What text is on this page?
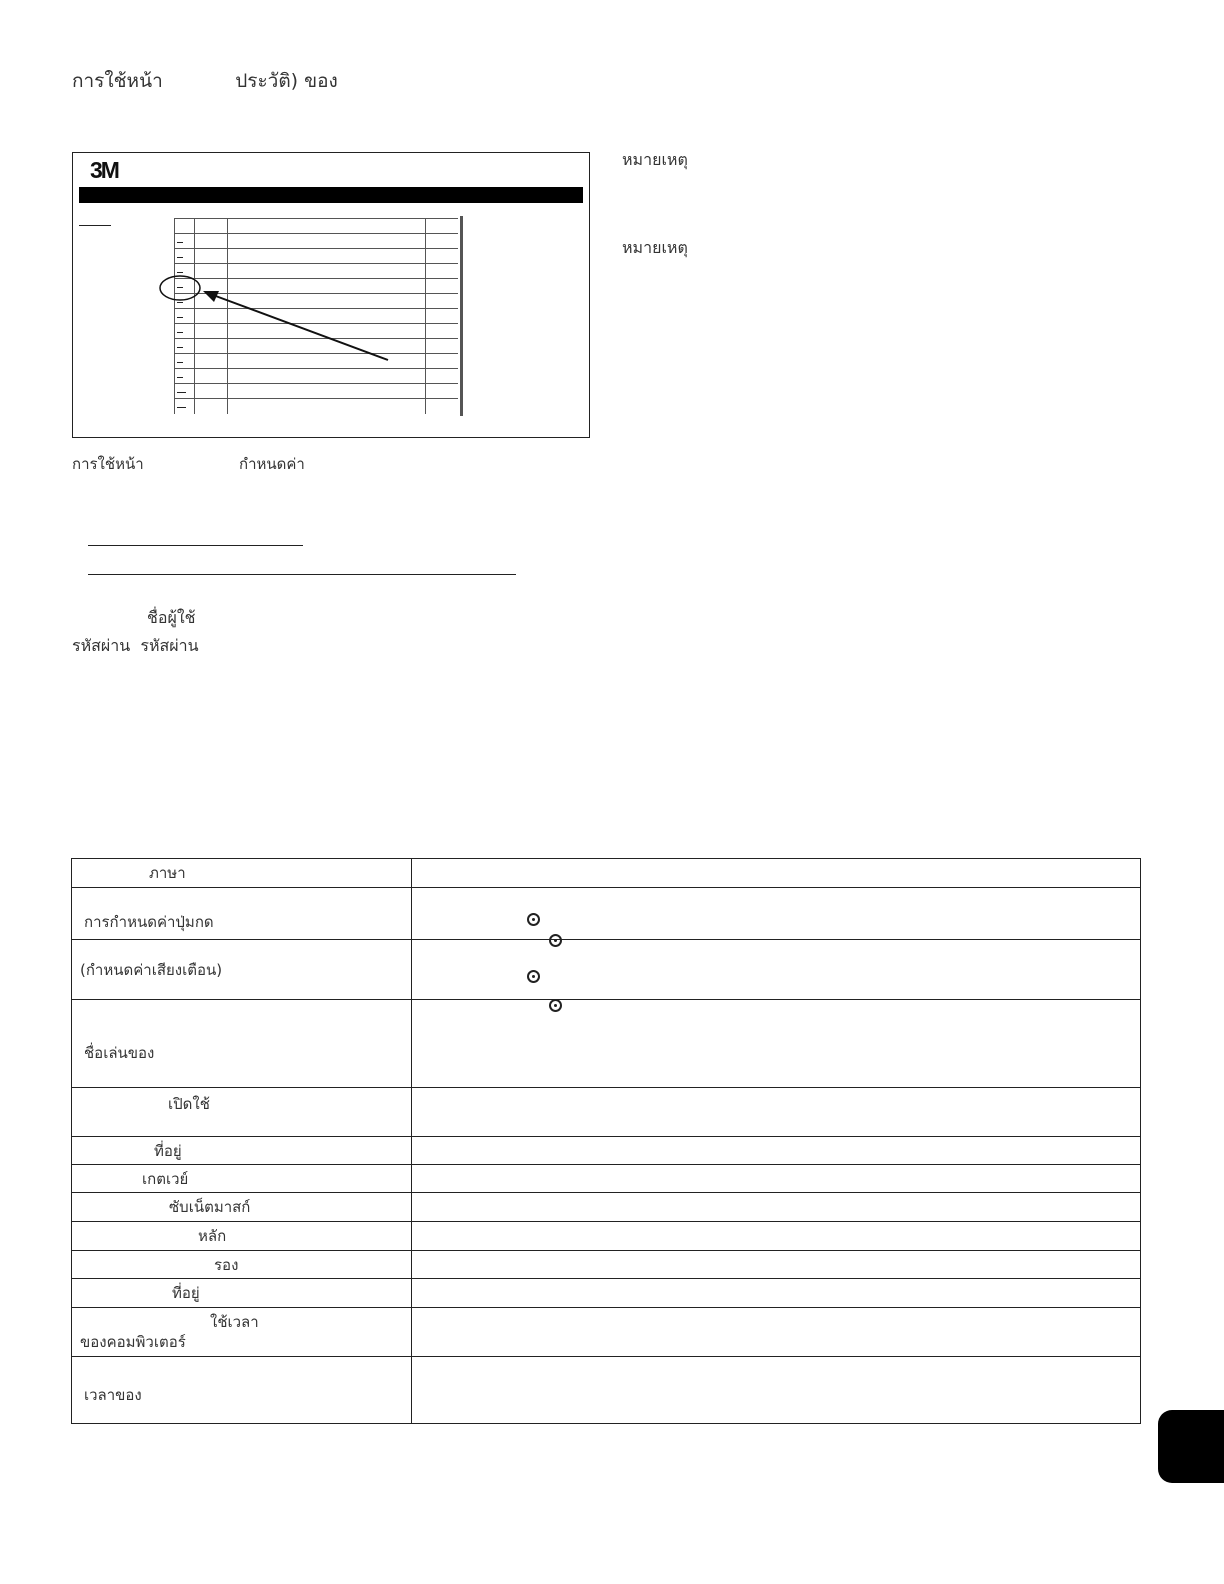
การใช้หน้า            ประวัติ) ของ
หมายเหตุ
หมายเหตุ
3M
การใช้หน้า                    กำหนดค่า
ชื่อผู้ใช้
รหัสผ่าน  รหัสผ่าน
ภาษา	
การกำหนดค่าปุ่มกด	
(กำหนดค่าเสียงเตือน)	
ชื่อเล่นของ	
เปิดใช้	
ที่อยู่	
เกตเวย์	
ซับเน็ตมาสก์	
หลัก	
รอง	
ที่อยู่	

ใช้เวลา
ของคอมพิวเตอร์	

เวลาของ	
